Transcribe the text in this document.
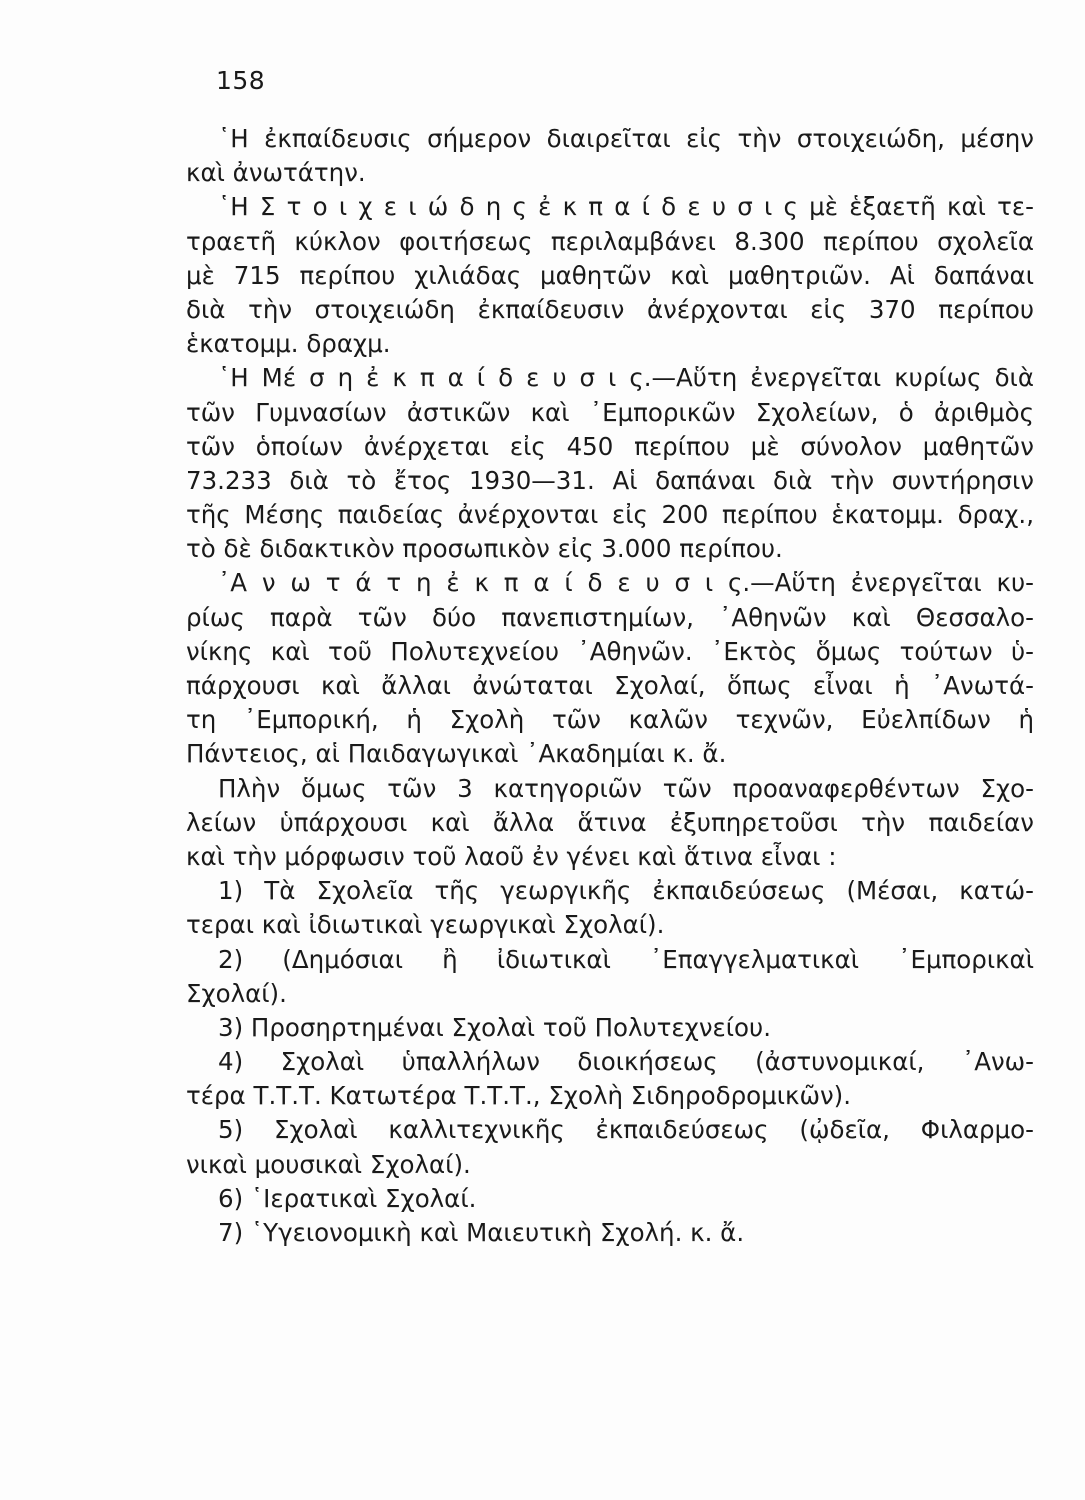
158
῾Η ἐκπαίδευσις σήμερον διαιρεῖται εἰς τὴν στοιχειώδη, μέσην
καὶ ἀνωτάτην.
῾Η Σ τ ο ι χ ε ι ώ δ η ς ἐ κ π α ί δ ε υ σ ι ς μὲ ἑξαετῆ καὶ τε-
τραετῆ κύκλον φοιτήσεως περιλαμβάνει 8.300 περίπου σχολεῖα
μὲ 715 περίπου χιλιάδας μαθητῶν καὶ μαθητριῶν. Αἱ δαπάναι
διὰ τὴν στοιχειώδη ἐκπαίδευσιν ἀνέρχονται εἰς 370 περίπου
ἑκατομμ. δραχμ.
῾Η Μέ σ η ἐ κ π α ί δ ε υ σ ι ς.—Αὕτη ἐνεργεῖται κυρίως διὰ
τῶν Γυμνασίων ἀστικῶν καὶ ᾿Εμπορικῶν Σχολείων, ὁ ἀριθμὸς
τῶν ὁποίων ἀνέρχεται εἰς 450 περίπου μὲ σύνολον μαθητῶν
73.233 διὰ τὸ ἔτος 1930—31. Αἱ δαπάναι διὰ τὴν συντήρησιν
τῆς Μέσης παιδείας ἀνέρχονται εἰς 200 περίπου ἑκατομμ. δραχ.,
τὸ δὲ διδακτικὸν προσωπικὸν εἰς 3.000 περίπου.
᾿Α ν ω τ ά τ η ἐ κ π α ί δ ε υ σ ι ς.—Αὕτη ἐνεργεῖται κυ-
ρίως παρὰ τῶν δύο πανεπιστημίων, ᾿Αθηνῶν καὶ Θεσσαλο-
νίκης καὶ τοῦ Πολυτεχνείου ᾿Αθηνῶν. ᾿Εκτὸς ὅμως τούτων ὑ-
πάρχουσι καὶ ἄλλαι ἀνώταται Σχολαί, ὅπως εἶναι ἡ ᾿Ανωτά-
τη ᾿Εμπορική, ἡ Σχολὴ τῶν καλῶν τεχνῶν, Εὐελπίδων ἡ
Πάντειος, αἱ Παιδαγωγικαὶ ᾿Ακαδημίαι κ. ἄ.
Πλὴν ὅμως τῶν 3 κατηγοριῶν τῶν προαναφερθέντων Σχο-
λείων ὑπάρχουσι καὶ ἄλλα ἅτινα ἐξυπηρετοῦσι τὴν παιδείαν
καὶ τὴν μόρφωσιν τοῦ λαοῦ ἐν γένει καὶ ἅτινα εἶναι :
1) Τὰ Σχολεῖα τῆς γεωργικῆς ἐκπαιδεύσεως (Μέσαι, κατώ-
τεραι καὶ ἰδιωτικαὶ γεωργικαὶ Σχολαί).
2) (Δημόσιαι ἢ ἰδιωτικαὶ ᾿Επαγγελματικαὶ ᾿Εμπορικαὶ
Σχολαί).
3) Προσηρτημέναι Σχολαὶ τοῦ Πολυτεχνείου.
4) Σχολαὶ ὑπαλλήλων διοικήσεως (ἀστυνομικαί, ᾿Ανω-
τέρα Τ.Τ.Τ. Κατωτέρα Τ.Τ.Τ., Σχολὴ Σιδηροδρομικῶν).
5) Σχολαὶ καλλιτεχνικῆς ἐκπαιδεύσεως (ᾠδεῖα, Φιλαρμο-
νικαὶ μουσικαὶ Σχολαί).
6) ῾Ιερατικαὶ Σχολαί.
7) ῾Υγειονομικὴ καὶ Μαιευτικὴ Σχολή. κ. ἄ.
